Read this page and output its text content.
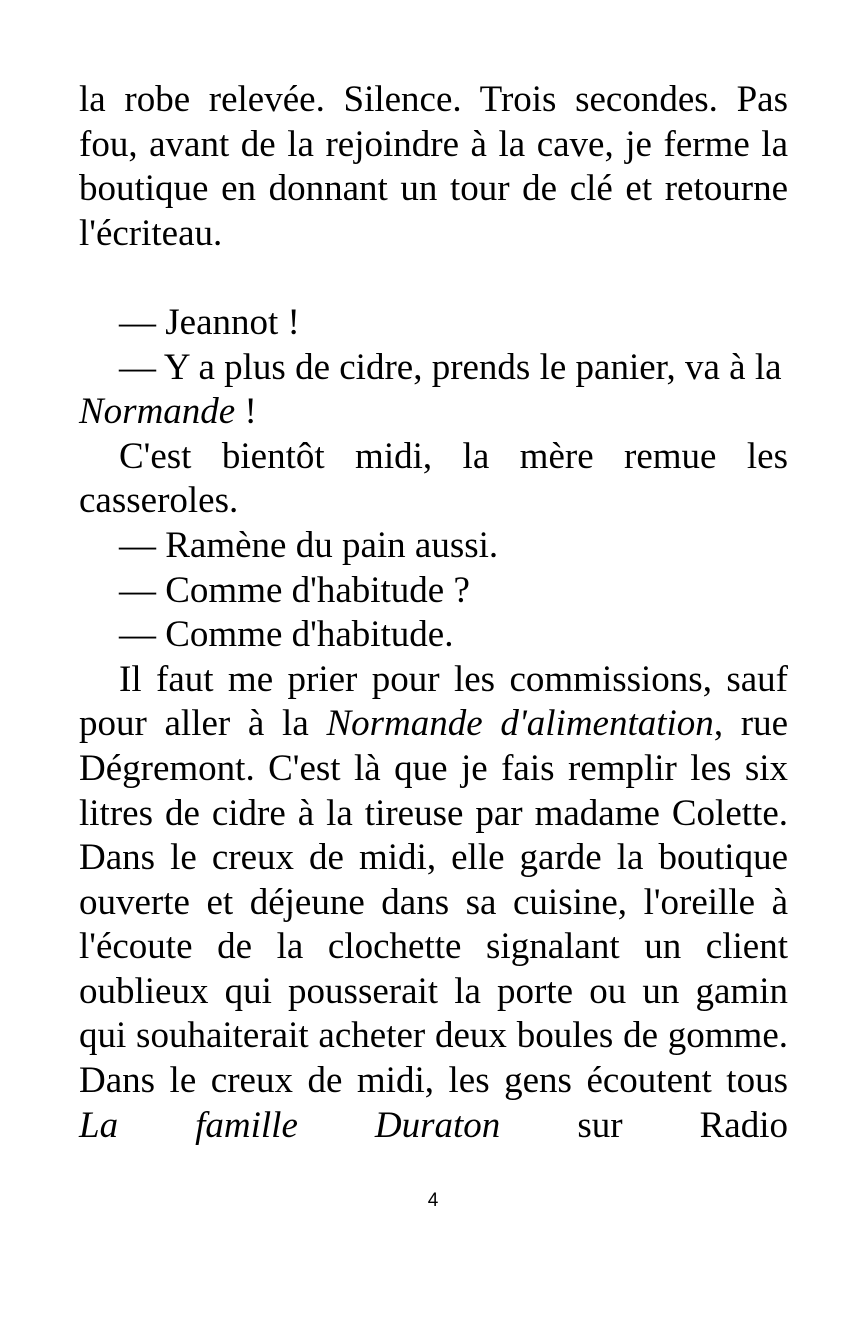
la robe relevée. Silence. Trois secondes. Pas fou, avant de la rejoindre à la cave, je ferme la boutique en donnant un tour de clé et retourne l'écriteau.

— Jeannot !

— Y a plus de cidre, prends le panier, va à la
Normande !

C'est bientôt midi, la mère remue les casseroles.

— Ramène du pain aussi.

— Comme d'habitude ?

— Comme d'habitude.

Il faut me prier pour les commissions, sauf pour aller à la Normande d'alimentation, rue Dégremont. C'est là que je fais remplir les six litres de cidre à la tireuse par madame Colette. Dans le creux de midi, elle garde la boutique ouverte et déjeune dans sa cuisine, l'oreille à l'écoute de la clochette signalant un client oublieux qui pousserait la porte ou un gamin qui souhaiterait acheter deux boules de gomme. Dans le creux de midi, les gens écoutent tous La famille Duraton sur Radio

4
